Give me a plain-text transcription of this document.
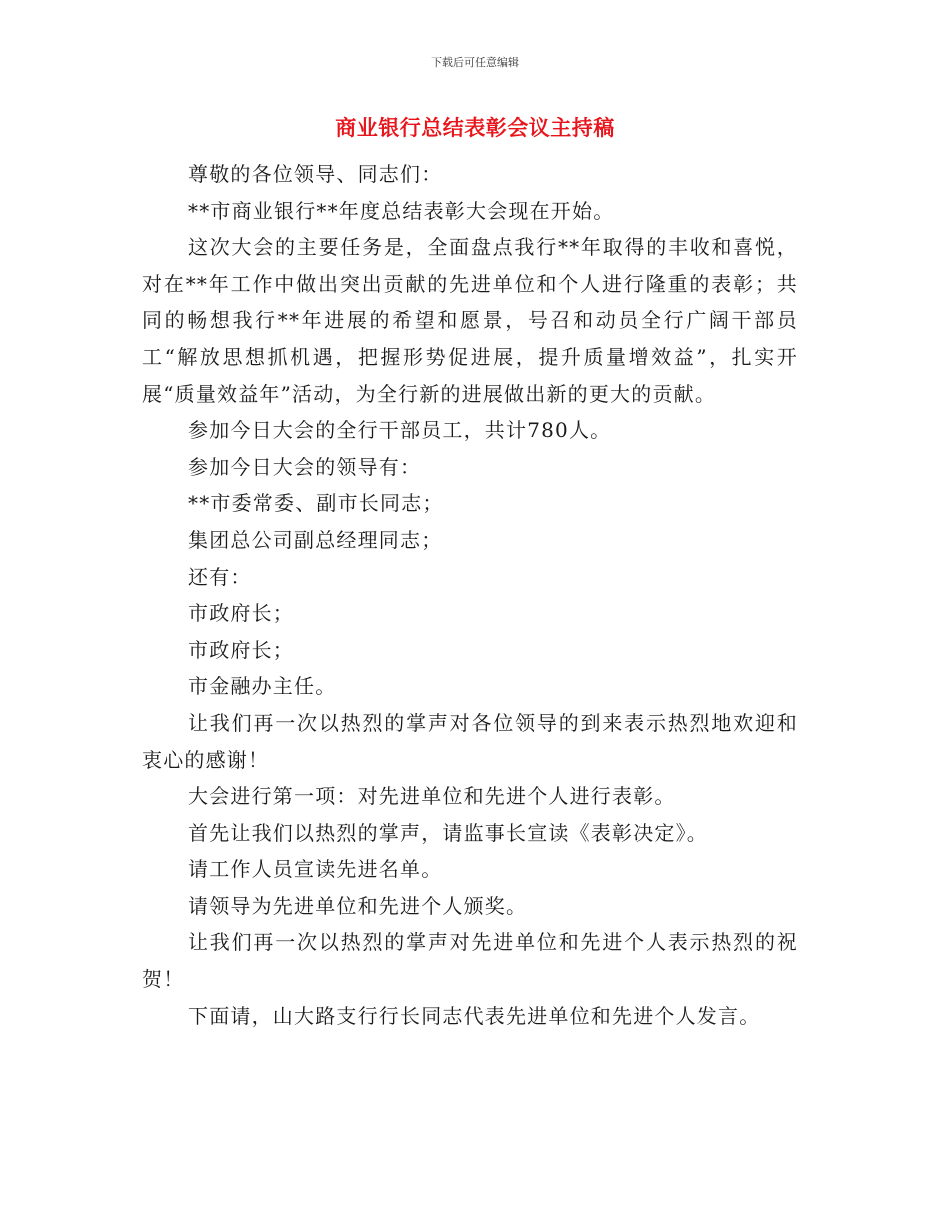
下载后可任意编辑
商业银行总结表彰会议主持稿

尊敬的各位领导、同志们：

**市商业银行**年度总结表彰大会现在开始。

这次大会的主要任务是，全面盘点我行**年取得的丰收和喜悦，对在**年工作中做出突出贡献的先进单位和个人进行隆重的表彰；共同的畅想我行**年进展的希望和愿景，号召和动员全行广阔干部员工“解放思想抓机遇，把握形势促进展，提升质量增效益”，扎实开展“质量效益年”活动，为全行新的进展做出新的更大的贡献。

参加今日大会的全行干部员工，共计780人。

参加今日大会的领导有：

**市委常委、副市长同志；

集团总公司副总经理同志；

还有：

市政府长；

市政府长；

市金融办主任。

让我们再一次以热烈的掌声对各位领导的到来表示热烈地欢迎和衷心的感谢！

大会进行第一项：对先进单位和先进个人进行表彰。

首先让我们以热烈的掌声，请监事长宣读《表彰决定》。

请工作人员宣读先进名单。

请领导为先进单位和先进个人颁奖。

让我们再一次以热烈的掌声对先进单位和先进个人表示热烈的祝贺！

下面请，山大路支行行长同志代表先进单位和先进个人发言。
